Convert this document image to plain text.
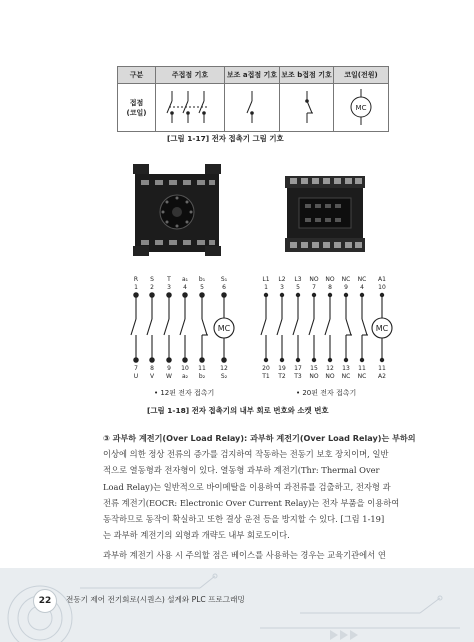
구분	주접점 기호	보조 a접점 기호	보조 b접점 기호	코일(전원)
접점
(코일)				MC
[그림 1-17] 전자 접촉기 그림 기호
R	S	T	a₁	b₁	S₁
1	2	3	4	5	6
MC
7	8	9	10	11	12
U	V	W	a₂	b₂	S₂
• 12핀 전자 접촉기
L1	L2	L3	NO	NO	NC	NC	A1
1	3	5	7	8	9	4	10
MC
20	19	17	15	12	13	11	11
T1	T2	T3	NO	NO	NC	NC	A2
• 20핀 전자 접촉기
[그림 1-18] 전자 접촉기의 내부 회로 번호와 소켓 번호
③ 과부하 계전기(Over Load Relay): 과부하 계전기(Over Load Relay)는 부하의
이상에 의한 정상 전류의 증가를 검지하여 작동하는 전동기 보호 장치이며, 일반
적으로 열동형과 전자형이 있다. 열동형 과부하 계전기(Thr: Thermal Over
Load Relay)는 일반적으로 바이메탈을 이용하여 과전류를 검출하고, 전자형 과
전류 계전기(EOCR: Electronic Over Current Relay)는 전자 부품을 이용하여
동작하므로 동작이 확실하고 또한 결상 운전 등을 방지할 수 있다. [그림 1-19]
는 과부하 계전기의 외형과 개략도 내부 회로도이다.
과부하 계전기 사용 시 주의할 점은 베이스를 사용하는 경우는 교육기관에서 연
22	전동기 제어 전기회로(시퀀스) 설계와 PLC 프로그래밍
